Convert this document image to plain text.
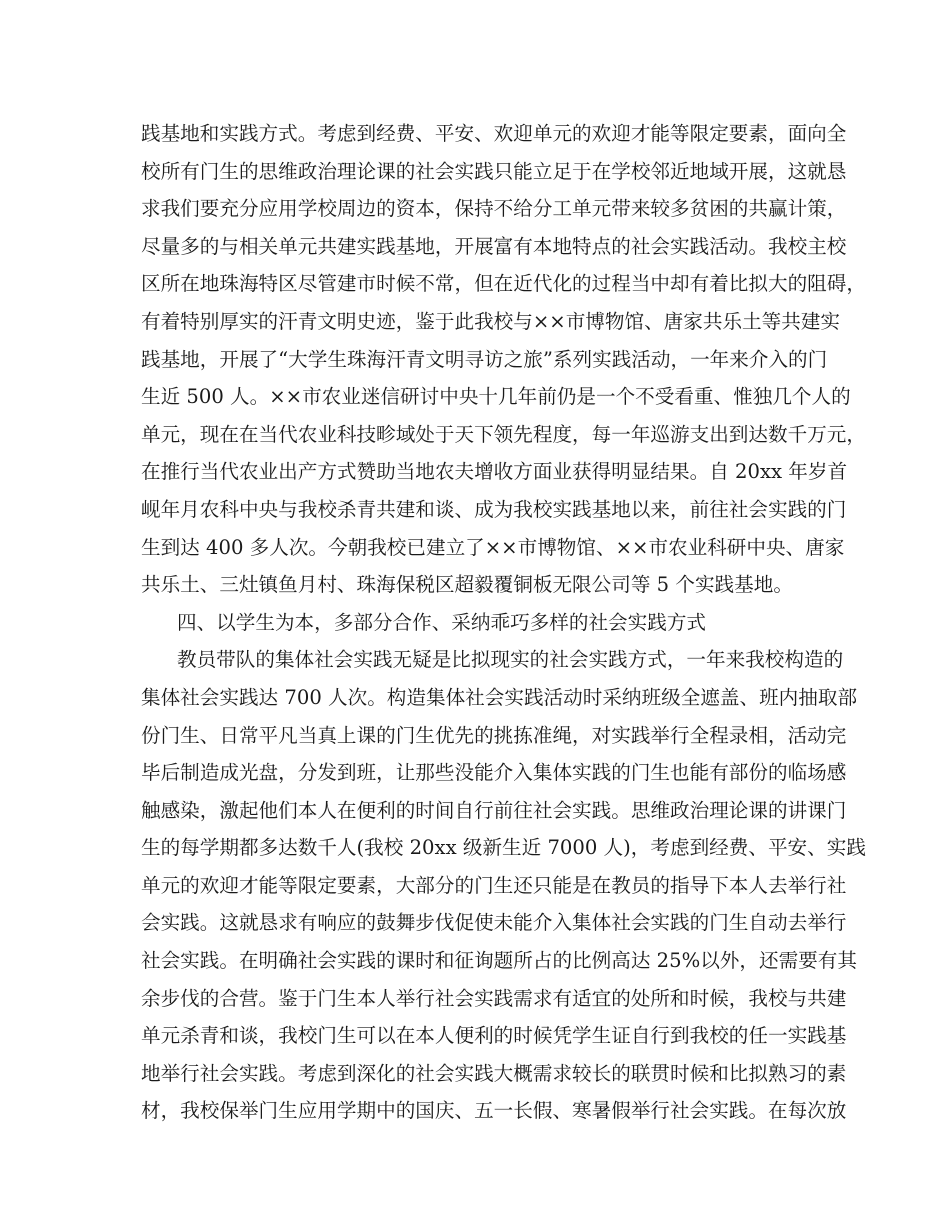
践基地和实践方式。考虑到经费、平安、欢迎单元的欢迎才能等限定要素，面向全
校所有门生的思维政治理论课的社会实践只能立足于在学校邻近地域开展，这就恳
求我们要充分应用学校周边的资本，保持不给分工单元带来较多贫困的共赢计策，
尽量多的与相关单元共建实践基地，开展富有本地特点的社会实践活动。我校主校
区所在地珠海特区尽管建市时候不常，但在近代化的过程当中却有着比拟大的阻碍，
有着特别厚实的汗青文明史迹，鉴于此我校与××市博物馆、唐家共乐土等共建实
践基地，开展了“大学生珠海汗青文明寻访之旅”系列实践活动，一年来介入的门
生近 500 人。××市农业迷信研讨中央十几年前仍是一个不受看重、惟独几个人的
单元，现在在当代农业科技畛域处于天下领先程度，每一年巡游支出到达数千万元，
在推行当代农业出产方式赞助当地农夫增收方面业获得明显结果。自 20xx 年岁首
岘年月农科中央与我校杀青共建和谈、成为我校实践基地以来，前往社会实践的门
生到达 400 多人次。今朝我校已建立了××市博物馆、××市农业科研中央、唐家
共乐土、三灶镇鱼月村、珠海保税区超毅覆铜板无限公司等 5 个实践基地。
四、以学生为本，多部分合作、采纳乖巧多样的社会实践方式
教员带队的集体社会实践无疑是比拟现实的社会实践方式，一年来我校构造的
集体社会实践达 700 人次。构造集体社会实践活动时采纳班级全遮盖、班内抽取部
份门生、日常平凡当真上课的门生优先的挑拣准绳，对实践举行全程录相，活动完
毕后制造成光盘，分发到班，让那些没能介入集体实践的门生也能有部份的临场感
触感染，激起他们本人在便利的时间自行前往社会实践。思维政治理论课的讲课门
生的每学期都多达数千人(我校 20xx 级新生近 7000 人)，考虑到经费、平安、实践
单元的欢迎才能等限定要素，大部分的门生还只能是在教员的指导下本人去举行社
会实践。这就恳求有响应的鼓舞步伐促使未能介入集体社会实践的门生自动去举行
社会实践。在明确社会实践的课时和征询题所占的比例高达 25%以外，还需要有其
余步伐的合营。鉴于门生本人举行社会实践需求有适宜的处所和时候，我校与共建
单元杀青和谈，我校门生可以在本人便利的时候凭学生证自行到我校的任一实践基
地举行社会实践。考虑到深化的社会实践大概需求较长的联贯时候和比拟熟习的素
材，我校保举门生应用学期中的国庆、五一长假、寒暑假举行社会实践。在每次放
